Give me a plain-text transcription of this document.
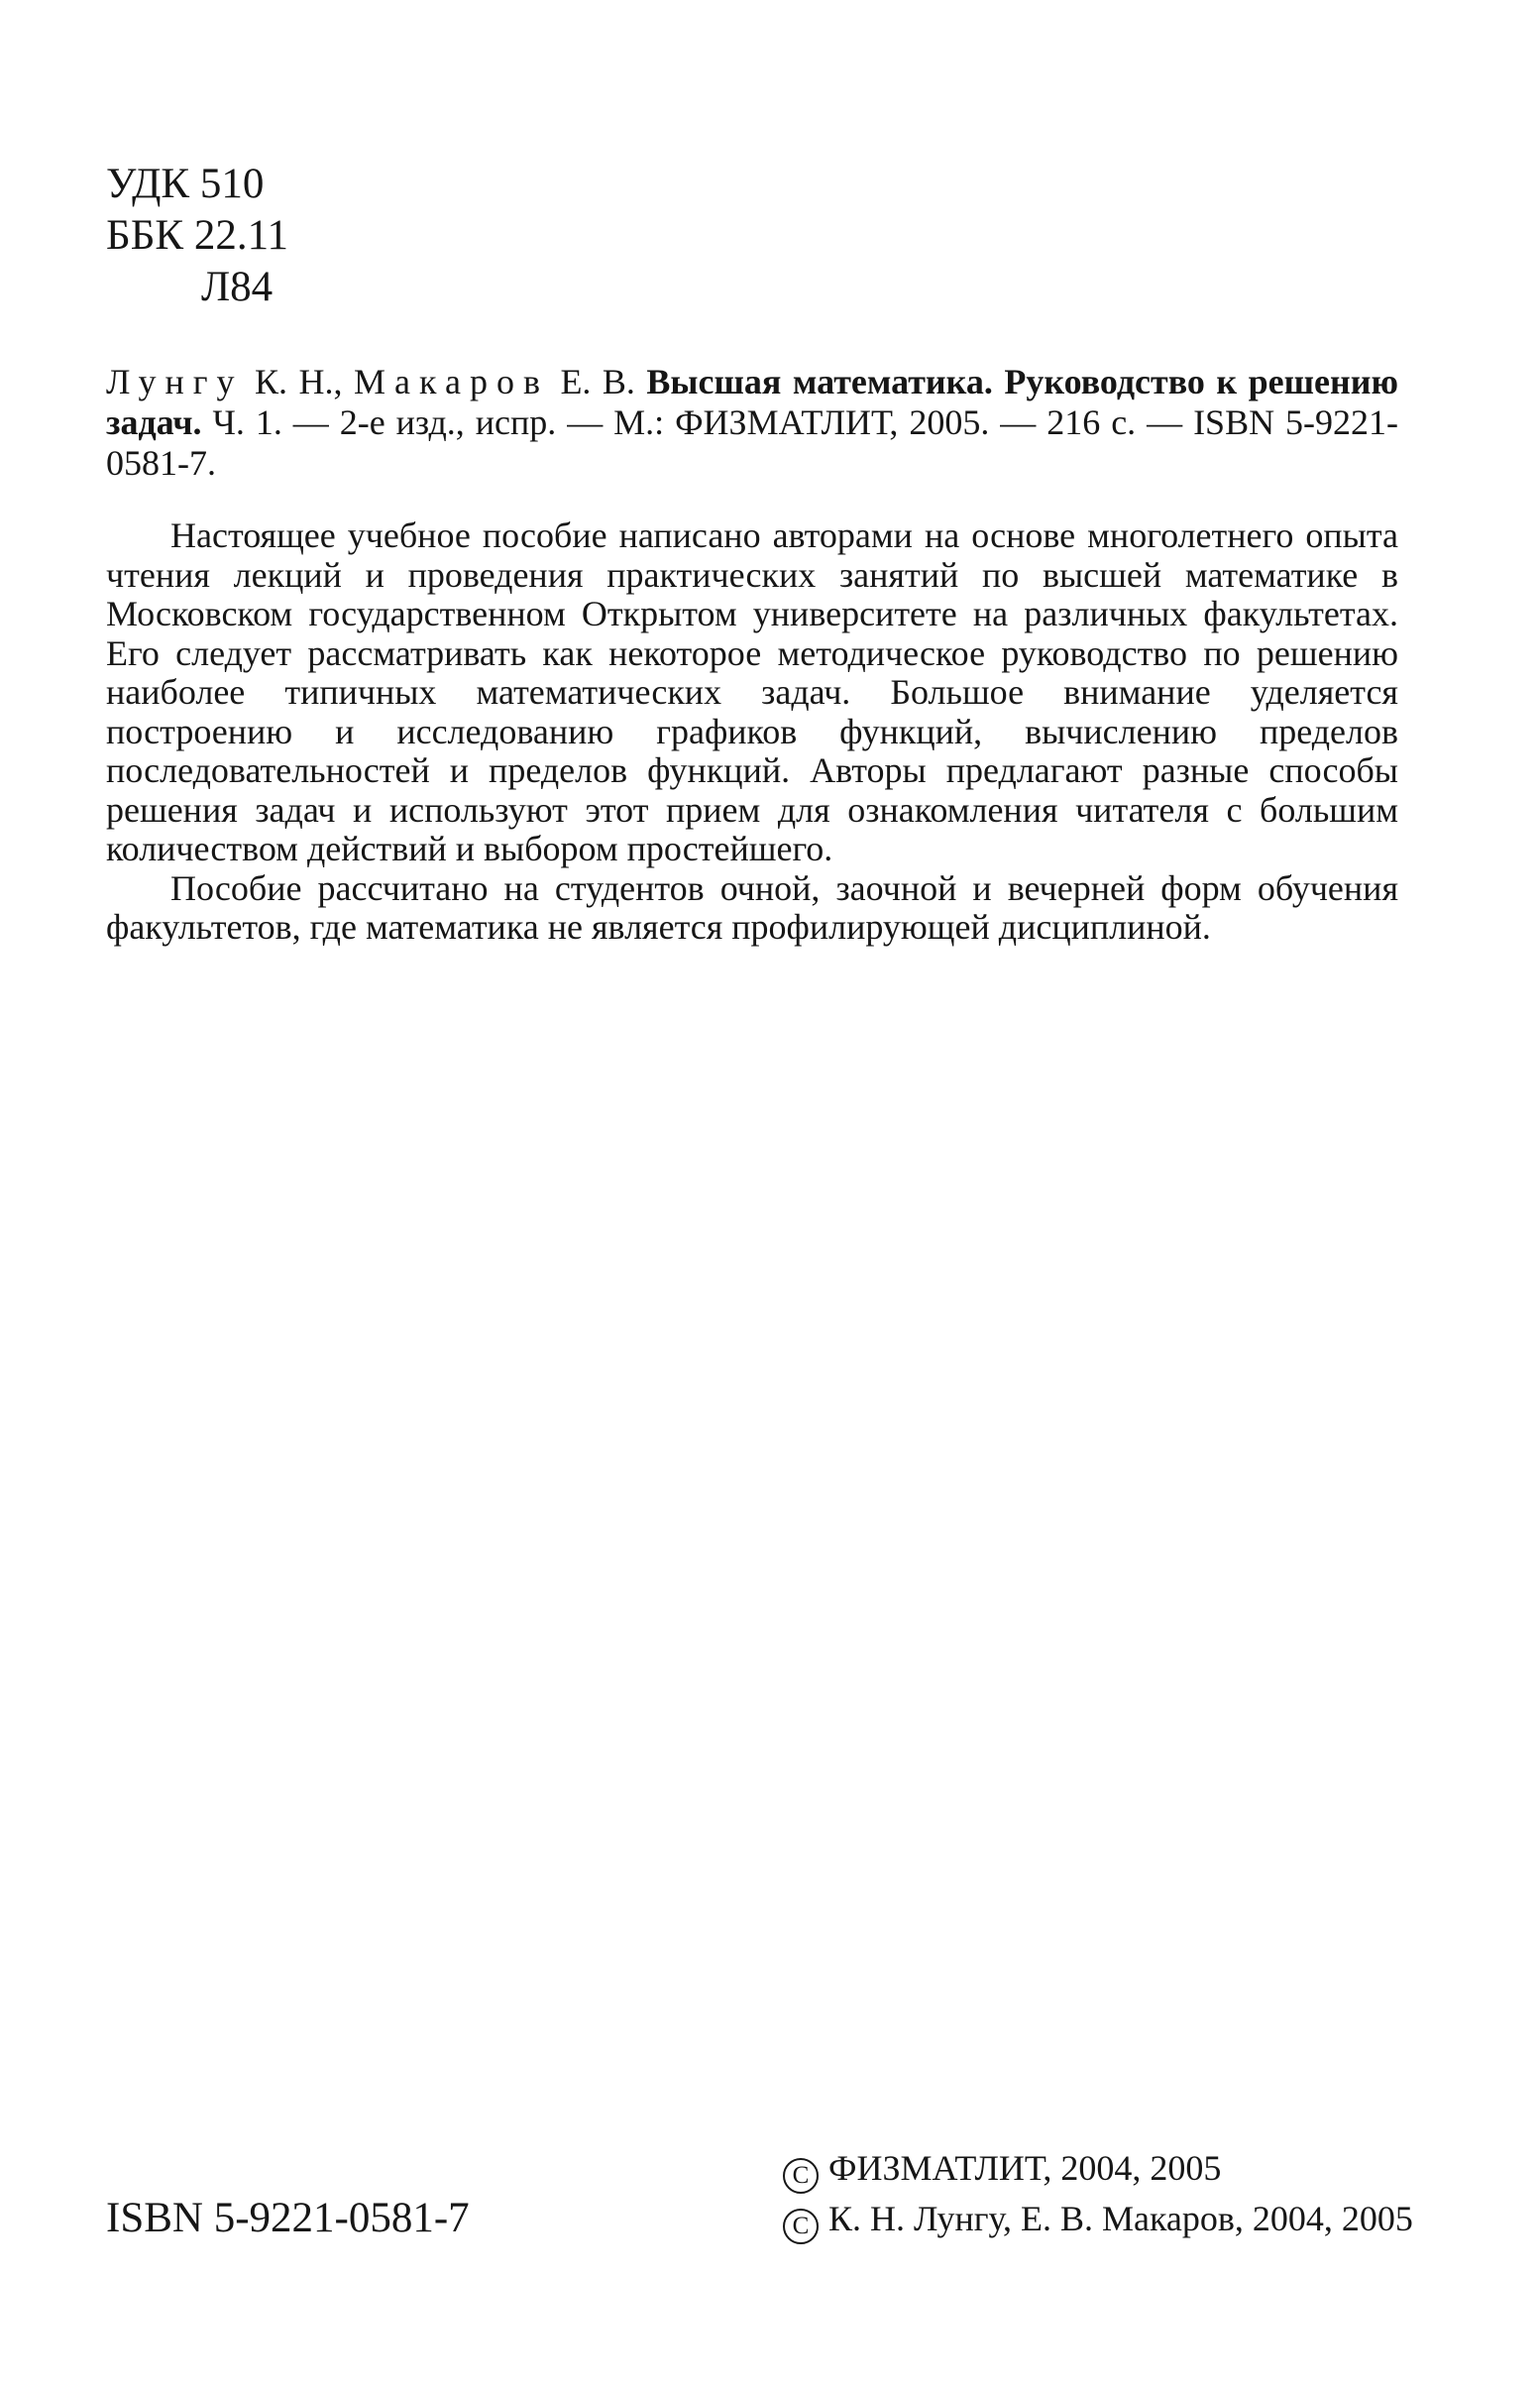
УДК 510
ББК 22.11
Л84

Лунгу К. Н., Макаров Е. В. Высшая математика. Руководство к решению задач. Ч. 1. — 2-е изд., испр. — М.: ФИЗМАТЛИТ, 2005. — 216 с. — ISBN 5-9221-0581-7.

Настоящее учебное пособие написано авторами на основе многолетнего опыта чтения лекций и проведения практических занятий по высшей математике в Московском государственном Открытом университете на различных факультетах. Его следует рассматривать как некоторое методическое руководство по решению наиболее типичных математических задач. Большое внимание уделяется построению и исследованию графиков функций, вычислению пределов последовательностей и пределов функций. Авторы предлагают разные способы решения задач и используют этот прием для ознакомления читателя с большим количеством действий и выбором простейшего.

Пособие рассчитано на студентов очной, заочной и вечерней форм обучения факультетов, где математика не является профилирующей дисциплиной.

ISBN 5-9221-0581-7
C ФИЗМАТЛИТ, 2004, 2005
C К. Н. Лунгу, Е. В. Макаров, 2004, 2005
